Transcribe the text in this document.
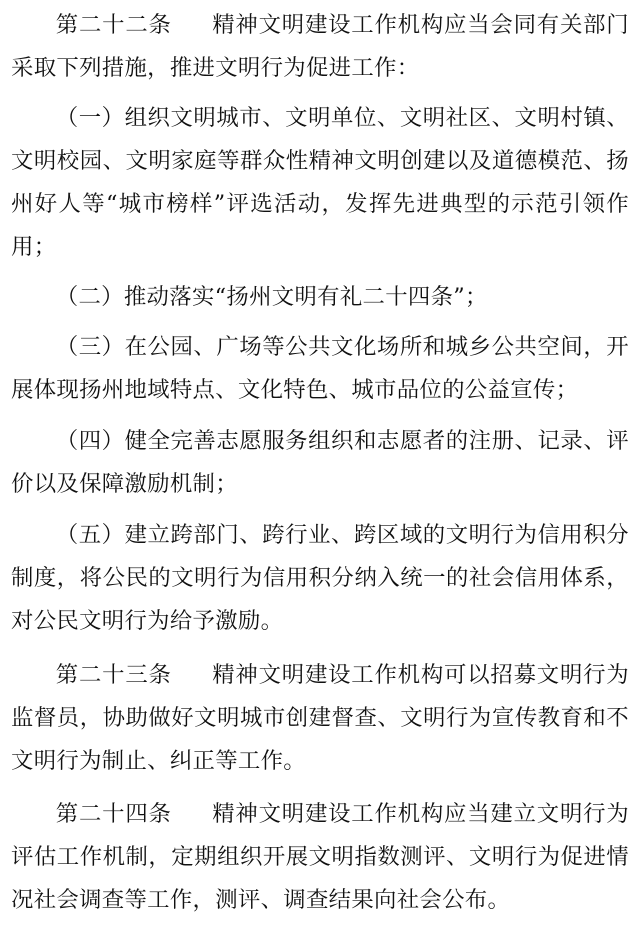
第二十二条 精神文明建设工作机构应当会同有关部门采取下列措施，推进文明行为促进工作：

（一）组织文明城市、文明单位、文明社区、文明村镇、文明校园、文明家庭等群众性精神文明创建以及道德模范、扬州好人等“城市榜样”评选活动，发挥先进典型的示范引领作用；

（二）推动落实“扬州文明有礼二十四条”；

（三）在公园、广场等公共文化场所和城乡公共空间，开展体现扬州地域特点、文化特色、城市品位的公益宣传；

（四）健全完善志愿服务组织和志愿者的注册、记录、评价以及保障激励机制；

（五）建立跨部门、跨行业、跨区域的文明行为信用积分制度，将公民的文明行为信用积分纳入统一的社会信用体系，对公民文明行为给予激励。

第二十三条 精神文明建设工作机构可以招募文明行为监督员，协助做好文明城市创建督查、文明行为宣传教育和不文明行为制止、纠正等工作。

第二十四条 精神文明建设工作机构应当建立文明行为评估工作机制，定期组织开展文明指数测评、文明行为促进情况社会调查等工作，测评、调查结果向社会公布。
